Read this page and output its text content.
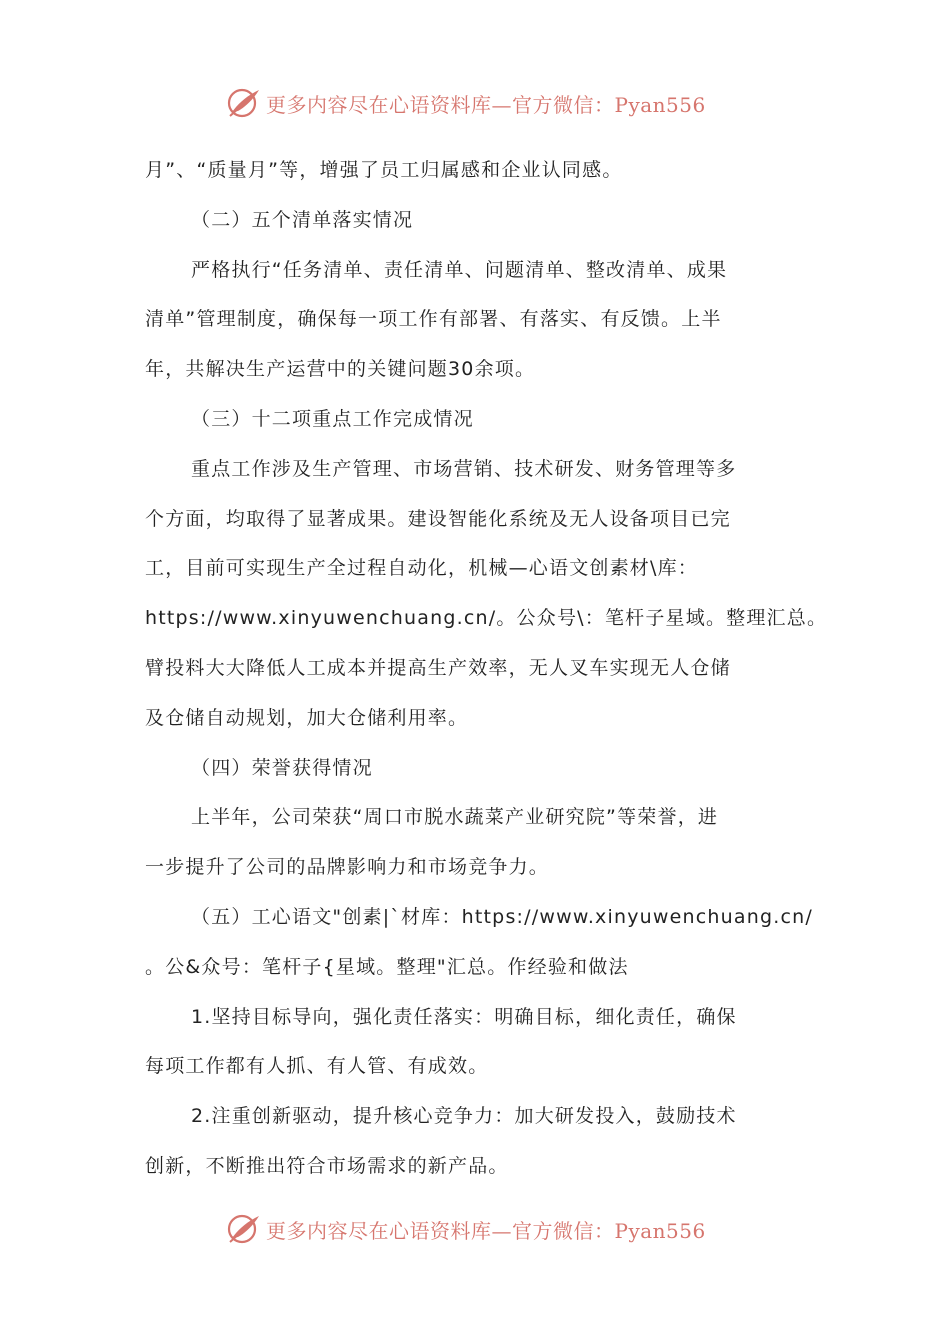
更多内容尽在心语资料库—官方微信：Pyan556
月”、“质量月”等，增强了员工归属感和企业认同感。
（二）五个清单落实情况
严格执行“任务清单、责任清单、问题清单、整改清单、成果
清单”管理制度，确保每一项工作有部署、有落实、有反馈。上半
年，共解决生产运营中的关键问题30余项。
（三）十二项重点工作完成情况
重点工作涉及生产管理、市场营销、技术研发、财务管理等多
个方面，均取得了显著成果。建设智能化系统及无人设备项目已完
工，目前可实现生产全过程自动化，机械—心语文创素材\库：
https://www.xinyuwenchuang.cn/。公众号\：笔杆子星域。整理汇总。
臂投料大大降低人工成本并提高生产效率，无人叉车实现无人仓储
及仓储自动规划，加大仓储利用率。
（四）荣誉获得情况
上半年，公司荣获“周口市脱水蔬菜产业研究院”等荣誉，进
一步提升了公司的品牌影响力和市场竞争力。
（五）工心语文"创素|`材库：https://www.xinyuwenchuang.cn/
。公&众号：笔杆子{星域。整理"汇总。作经验和做法
1.坚持目标导向，强化责任落实：明确目标，细化责任，确保
每项工作都有人抓、有人管、有成效。
2.注重创新驱动，提升核心竞争力：加大研发投入，鼓励技术
创新，不断推出符合市场需求的新产品。
更多内容尽在心语资料库—官方微信：Pyan556
